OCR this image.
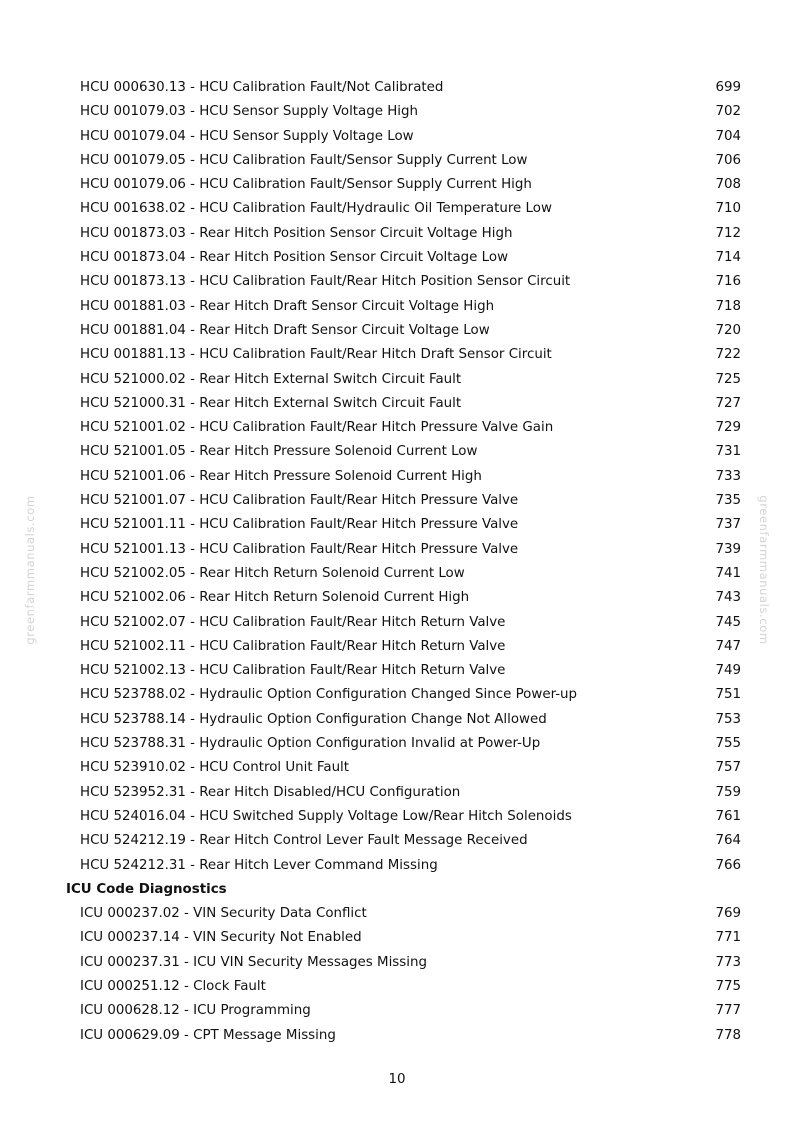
greenfarmmanuals.com	greenfarmmanuals.com
HCU 000630.13 - HCU Calibration Fault/Not Calibrated	699
HCU 001079.03 - HCU Sensor Supply Voltage High	702
HCU 001079.04 - HCU Sensor Supply Voltage Low	704
HCU 001079.05 - HCU Calibration Fault/Sensor Supply Current Low	706
HCU 001079.06 - HCU Calibration Fault/Sensor Supply Current High	708
HCU 001638.02 - HCU Calibration Fault/Hydraulic Oil Temperature Low	710
HCU 001873.03 - Rear Hitch Position Sensor Circuit Voltage High	712
HCU 001873.04 - Rear Hitch Position Sensor Circuit Voltage Low	714
HCU 001873.13 - HCU Calibration Fault/Rear Hitch Position Sensor Circuit	716
HCU 001881.03 - Rear Hitch Draft Sensor Circuit Voltage High	718
HCU 001881.04 - Rear Hitch Draft Sensor Circuit Voltage Low	720
HCU 001881.13 - HCU Calibration Fault/Rear Hitch Draft Sensor Circuit	722
HCU 521000.02 - Rear Hitch External Switch Circuit Fault	725
HCU 521000.31 - Rear Hitch External Switch Circuit Fault	727
HCU 521001.02 - HCU Calibration Fault/Rear Hitch Pressure Valve Gain	729
HCU 521001.05 - Rear Hitch Pressure Solenoid Current Low	731
HCU 521001.06 - Rear Hitch Pressure Solenoid Current High	733
HCU 521001.07 - HCU Calibration Fault/Rear Hitch Pressure Valve	735
HCU 521001.11 - HCU Calibration Fault/Rear Hitch Pressure Valve	737
HCU 521001.13 - HCU Calibration Fault/Rear Hitch Pressure Valve	739
HCU 521002.05 - Rear Hitch Return Solenoid Current Low	741
HCU 521002.06 - Rear Hitch Return Solenoid Current High	743
HCU 521002.07 - HCU Calibration Fault/Rear Hitch Return Valve	745
HCU 521002.11 - HCU Calibration Fault/Rear Hitch Return Valve	747
HCU 521002.13 - HCU Calibration Fault/Rear Hitch Return Valve	749
HCU 523788.02 - Hydraulic Option Configuration Changed Since Power-up	751
HCU 523788.14 - Hydraulic Option Configuration Change Not Allowed	753
HCU 523788.31 - Hydraulic Option Configuration Invalid at Power-Up	755
HCU 523910.02 - HCU Control Unit Fault	757
HCU 523952.31 - Rear Hitch Disabled/HCU Configuration	759
HCU 524016.04 - HCU Switched Supply Voltage Low/Rear Hitch Solenoids	761
HCU 524212.19 - Rear Hitch Control Lever Fault Message Received	764
HCU 524212.31 - Rear Hitch Lever Command Missing	766
ICU Code Diagnostics
ICU 000237.02 - VIN Security Data Conflict	769
ICU 000237.14 - VIN Security Not Enabled	771
ICU 000237.31 - ICU VIN Security Messages Missing	773
ICU 000251.12 - Clock Fault	775
ICU 000628.12 - ICU Programming	777
ICU 000629.09 - CPT Message Missing	778
10
